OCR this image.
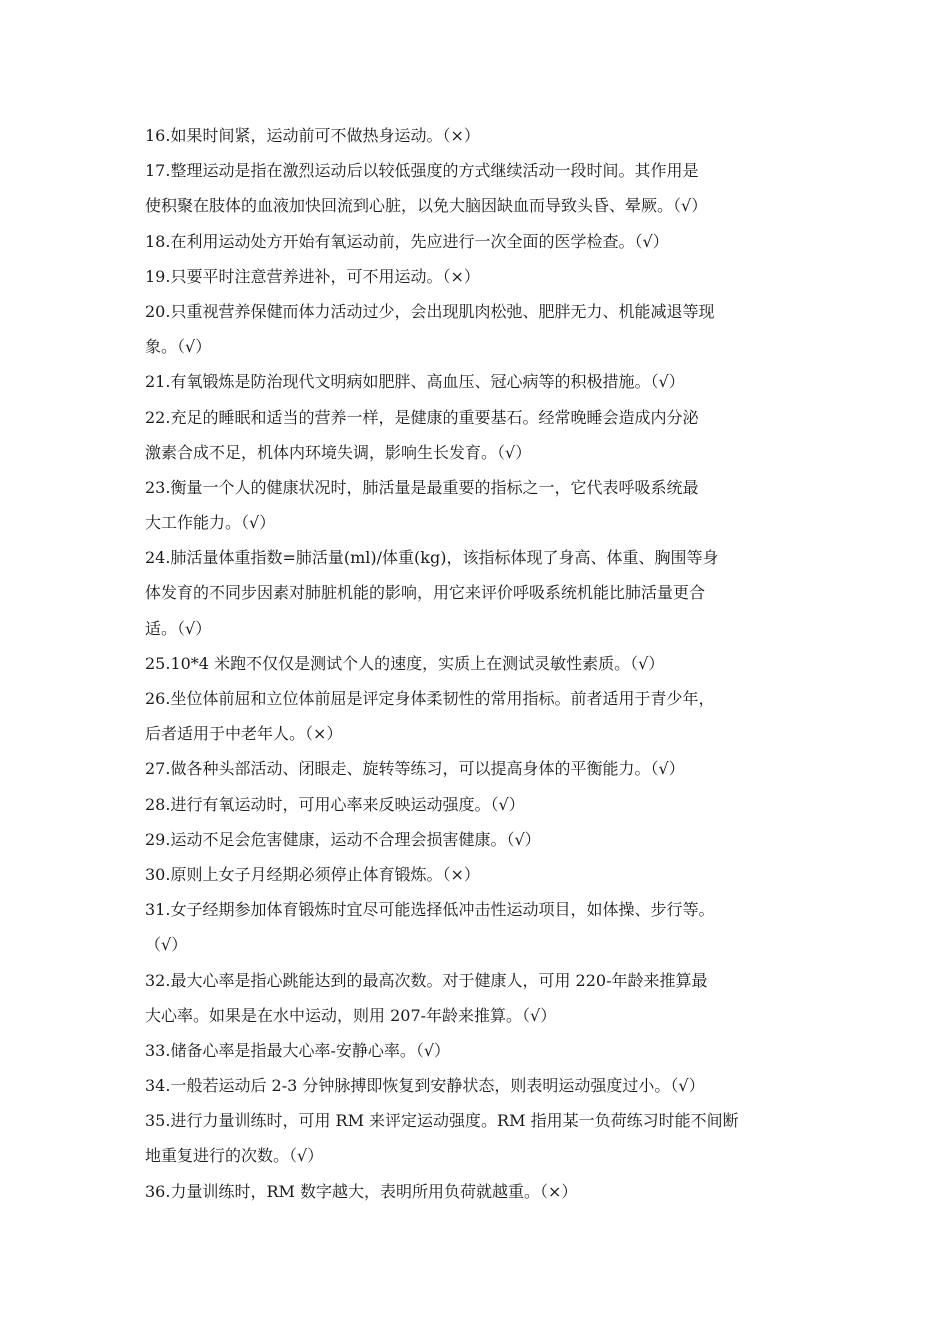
16.如果时间紧，运动前可不做热身运动。（×）
17.整理运动是指在激烈运动后以较低强度的方式继续活动一段时间。其作用是
使积聚在肢体的血液加快回流到心脏，以免大脑因缺血而导致头昏、晕厥。（√）
18.在利用运动处方开始有氧运动前，先应进行一次全面的医学检查。（√）
19.只要平时注意营养进补，可不用运动。（×）
20.只重视营养保健而体力活动过少，会出现肌肉松弛、肥胖无力、机能减退等现
象。（√）
21.有氧锻炼是防治现代文明病如肥胖、高血压、冠心病等的积极措施。（√）
22.充足的睡眠和适当的营养一样，是健康的重要基石。经常晚睡会造成内分泌
激素合成不足，机体内环境失调，影响生长发育。（√）
23.衡量一个人的健康状况时，肺活量是最重要的指标之一，它代表呼吸系统最
大工作能力。（√）
24.肺活量体重指数=肺活量(ml)/体重(kg)，该指标体现了身高、体重、胸围等身
体发育的不同步因素对肺脏机能的影响，用它来评价呼吸系统机能比肺活量更合
适。（√）
25.10*4 米跑不仅仅是测试个人的速度，实质上在测试灵敏性素质。（√）
26.坐位体前屈和立位体前屈是评定身体柔韧性的常用指标。前者适用于青少年，
后者适用于中老年人。（×）
27.做各种头部活动、闭眼走、旋转等练习，可以提高身体的平衡能力。（√）
28.进行有氧运动时，可用心率来反映运动强度。（√）
29.运动不足会危害健康，运动不合理会损害健康。（√）
30.原则上女子月经期必须停止体育锻炼。（×）
31.女子经期参加体育锻炼时宜尽可能选择低冲击性运动项目，如体操、步行等。
（√）
32.最大心率是指心跳能达到的最高次数。对于健康人，可用 220-年龄来推算最
大心率。如果是在水中运动，则用 207-年龄来推算。（√）
33.储备心率是指最大心率-安静心率。（√）
34.一般若运动后 2-3 分钟脉搏即恢复到安静状态，则表明运动强度过小。（√）
35.进行力量训练时，可用 RM 来评定运动强度。RM 指用某一负荷练习时能不间断
地重复进行的次数。（√）
36.力量训练时，RM 数字越大，表明所用负荷就越重。（×）
